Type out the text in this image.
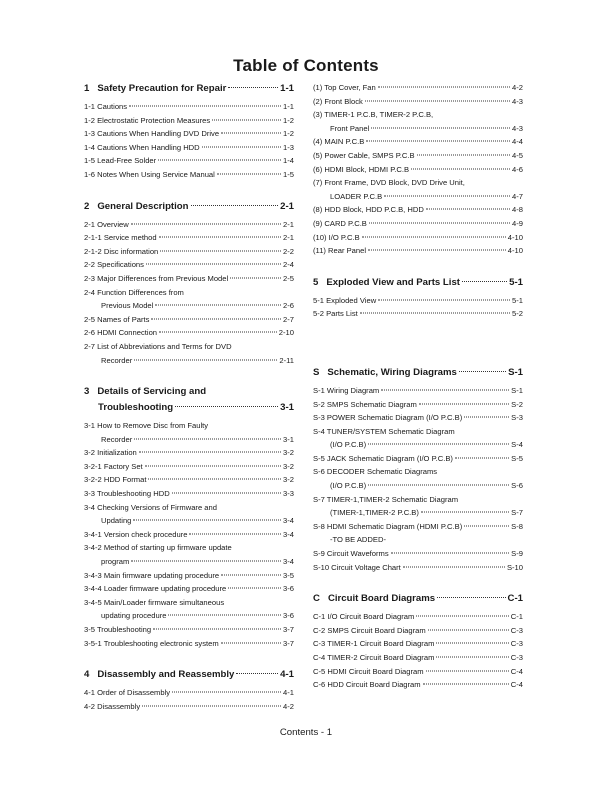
Table of Contents
1 Safety Precaution for Repair	1-1
1-1 Cautions	1-1
1-2 Electrostatic Protection Measures	1-2
1-3 Cautions When Handling DVD Drive	1-2
1-4 Cautions When Handling HDD	1-3
1-5 Lead-Free Solder	1-4
1-6 Notes When Using Service Manual	1-5
2 General Description	2-1
2-1 Overview	2-1
2-1-1 Service method	2-1
2-1-2 Disc information	2-2
2-2 Specifications	2-4
2-3 Major Differences from Previous Model	2-5
2-4 Function Differences from
Previous Model	2-6
2-5 Names of Parts	2-7
2-6 HDMI Connection	2-10
2-7 List of Abbreviations and Terms for DVD
Recorder	2-11
3 Details of Servicing and
Troubleshooting	3-1
3-1 How to Remove Disc from Faulty
Recorder	3-1
3-2 Initialization	3-2
3-2-1 Factory Set	3-2
3-2-2 HDD Format	3-2
3-3 Troubleshooting HDD	3-3
3-4 Checking Versions of Firmware and
Updating	3-4
3-4-1 Version check procedure	3-4
3-4-2 Method of starting up firmware update
program	3-4
3-4-3 Main firmware updating procedure	3-5
3-4-4 Loader firmware updating procedure	3-6
3-4-5 Main/Loader firmware simultaneous
updating procedure	3-6
3-5 Troubleshooting	3-7
3-5-1 Troubleshooting electronic system	3-7
4 Disassembly and Reassembly	4-1
4-1 Order of Disassembly	4-1
4-2 Disassembly	4-2
(1) Top Cover, Fan	4-2
(2) Front Block	4-3
(3) TIMER-1 P.C.B, TIMER-2 P.C.B,
Front Panel	4-3
(4) MAIN P.C.B	4-4
(5) Power Cable, SMPS P.C.B	4-5
(6) HDMI Block, HDMI P.C.B	4-6
(7) Front Frame, DVD Block, DVD Drive Unit,
LOADER P.C.B	4-7
(8) HDD Block, HDD P.C.B, HDD	4-8
(9) CARD P.C.B	4-9
(10) I/O P.C.B	4-10
(11) Rear Panel	4-10
5 Exploded View and Parts List	5-1
5-1 Exploded View	5-1
5-2 Parts List	5-2
S Schematic, Wiring Diagrams	S-1
S-1 Wiring Diagram	S-1
S-2 SMPS Schematic Diagram	S-2
S-3 POWER Schematic Diagram (I/O P.C.B)	S-3
S-4 TUNER/SYSTEM Schematic Diagram
(I/O P.C.B)	S-4
S-5 JACK Schematic Diagram (I/O P.C.B)	S-5
S-6 DECODER Schematic Diagrams
(I/O P.C.B)	S-6
S-7 TIMER-1,TIMER-2 Schematic Diagram
(TIMER-1,TIMER-2 P.C.B)	S-7
S-8 HDMI Schematic Diagram (HDMI P.C.B)	S-8
-TO BE ADDED-
S-9 Circuit Waveforms	S-9
S-10 Circuit Voltage Chart	S-10
C Circuit Board Diagrams	C-1
C-1 I/O Circuit Board Diagram	C-1
C-2 SMPS Circuit Board Diagram	C-3
C-3 TIMER-1 Circuit Board Diagram	C-3
C-4 TIMER-2 Circuit Board Diagram	C-3
C-5 HDMI Circuit Board Diagram	C-4
C-6 HDD Circuit Board Diagram	C-4
Contents - 1
